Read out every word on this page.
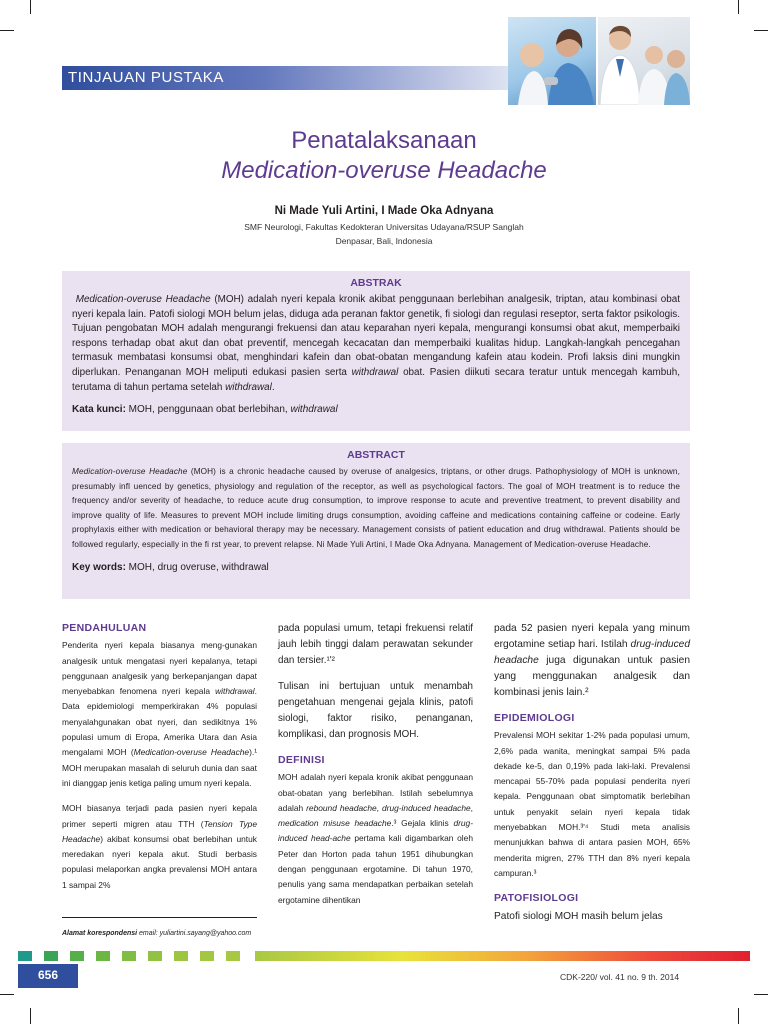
TINJAUAN PUSTAKA
Penatalaksanaan
Medication-overuse Headache
Ni Made Yuli Artini, I Made Oka Adnyana
SMF Neurologi, Fakultas Kedokteran Universitas Udayana/RSUP Sanglah
Denpasar, Bali, Indonesia
ABSTRAK

Medication-overuse Headache (MOH) adalah nyeri kepala kronik akibat penggunaan berlebihan analgesik, triptan, atau kombinasi obat nyeri kepala lain. Patofi siologi MOH belum jelas, diduga ada peranan faktor genetik, fi siologi dan regulasi reseptor, serta faktor psikologis. Tujuan pengobatan MOH adalah mengurangi frekuensi dan atau keparahan nyeri kepala, mengurangi konsumsi obat akut, memperbaiki respons terhadap obat akut dan obat preventif, mencegah kecacatan dan memperbaiki kualitas hidup. Langkah-langkah pencegahan termasuk membatasi konsumsi obat, menghindari kafein dan obat-obatan mengandung kafein atau kodein. Profi laksis dini mungkin diperlukan. Penanganan MOH meliputi edukasi pasien serta withdrawal obat. Pasien diikuti secara teratur untuk mencegah kambuh, terutama di tahun pertama setelah withdrawal.

Kata kunci: MOH, penggunaan obat berlebihan, withdrawal

ABSTRACT

Medication-overuse Headache (MOH) is a chronic headache caused by overuse of analgesics, triptans, or other drugs. Pathophysiology of MOH is unknown, presumably infl uenced by genetics, physiology and regulation of the receptor, as well as psychological factors. The goal of MOH treatment is to reduce the frequency and/or severity of headache, to reduce acute drug consumption, to improve response to acute and preventive treatment, to prevent disability and improve quality of life. Measures to prevent MOH include limiting drugs consumption, avoiding caffeine and medications containing caffeine or codeine. Early prophylaxis either with medication or behavioral therapy may be necessary. Management consists of patient education and drug withdrawal. Patients should be followed regularly, especially in the fi rst year, to prevent relapse. Ni Made Yuli Artini, I Made Oka Adnyana. Management of Medication-overuse Headache.

Key words: MOH, drug overuse, withdrawal

PENDAHULUAN

Penderita nyeri kepala biasanya meng-gunakan analgesik untuk mengatasi nyeri kepalanya, tetapi penggunaan analgesik yang berkepanjangan dapat menyebabkan fenomena nyeri kepala withdrawal. Data epidemiologi memperkirakan 4% populasi menyalahgunakan obat nyeri, dan sedikitnya 1% populasi umum di Eropa, Amerika Utara dan Asia mengalami MOH (Medication-overuse Headache).¹ MOH merupakan masalah di seluruh dunia dan saat ini dianggap jenis ketiga paling umum nyeri kepala.

MOH biasanya terjadi pada pasien nyeri kepala primer seperti migren atau TTH (Tension Type Headache) akibat konsumsi obat berlebihan untuk meredakan nyeri kepala akut. Studi berbasis populasi melaporkan angka prevalensi MOH antara 1 sampai 2%

pada populasi umum, tetapi frekuensi relatif jauh lebih tinggi dalam perawatan sekunder dan tersier.¹'²

Tulisan ini bertujuan untuk menambah pengetahuan mengenai gejala klinis, patofi siologi, faktor risiko, penanganan, komplikasi, dan prognosis MOH.

DEFINISI

MOH adalah nyeri kepala kronik akibat penggunaan obat-obatan yang berlebihan. Istilah sebelumnya adalah rebound headache, drug-induced headache, medication misuse headache.³ Gejala klinis drug-induced head-ache pertama kali digambarkan oleh Peter dan Horton pada tahun 1951 dihubungkan dengan penggunaan ergotamine. Di tahun 1970, penulis yang sama mendapatkan perbaikan setelah ergotamine dihentikan

pada 52 pasien nyeri kepala yang minum ergotamine setiap hari. Istilah drug-induced headache juga digunakan untuk pasien yang menggunakan analgesik dan kombinasi jenis lain.²

EPIDEMIOLOGI

Prevalensi MOH sekitar 1-2% pada populasi umum, 2,6% pada wanita, meningkat sampai 5% pada dekade ke-5, dan 0,19% pada laki-laki. Prevalensi mencapai 55-70% pada populasi penderita nyeri kepala. Penggunaan obat simptomatik berlebihan untuk penyakit selain nyeri kepala tidak menyebabkan MOH.³'⁴ Studi meta analisis menunjukkan bahwa di antara pasien MOH, 65% menderita migren, 27% TTH dan 8% nyeri kepala campuran.³

PATOFISIOLOGI

Patofi siologi MOH masih belum jelas

Alamat korespondensi email: yuliartini.sayang@yahoo.com
656	CDK-220/ vol. 41 no. 9 th. 2014
